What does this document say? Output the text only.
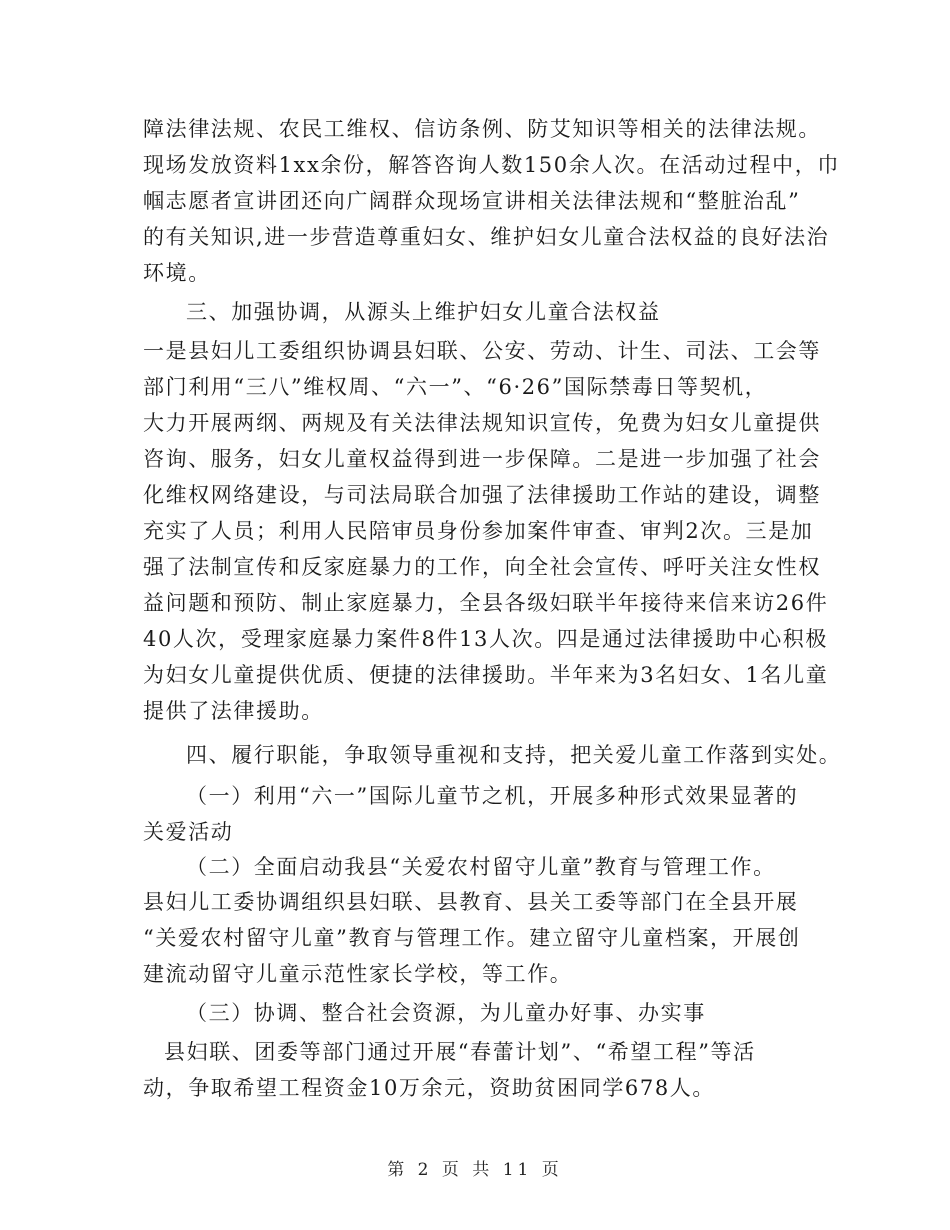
障法律法规、农民工维权、信访条例、防艾知识等相关的法律法规。
现场发放资料1xx余份，解答咨询人数150余人次。在活动过程中，巾
帼志愿者宣讲团还向广阔群众现场宣讲相关法律法规和“整脏治乱”
的有关知识,进一步营造尊重妇女、维护妇女儿童合法权益的良好法治
环境。
三、加强协调，从源头上维护妇女儿童合法权益
一是县妇儿工委组织协调县妇联、公安、劳动、计生、司法、工会等
部门利用“三八”维权周、“六一”、“6·26”国际禁毒日等契机，
大力开展两纲、两规及有关法律法规知识宣传，免费为妇女儿童提供
咨询、服务，妇女儿童权益得到进一步保障。二是进一步加强了社会
化维权网络建设，与司法局联合加强了法律援助工作站的建设，调整
充实了人员；利用人民陪审员身份参加案件审查、审判2次。三是加
强了法制宣传和反家庭暴力的工作，向全社会宣传、呼吁关注女性权
益问题和预防、制止家庭暴力，全县各级妇联半年接待来信来访26件
40人次，受理家庭暴力案件8件13人次。四是通过法律援助中心积极
为妇女儿童提供优质、便捷的法律援助。半年来为3名妇女、1名儿童
提供了法律援助。
四、履行职能，争取领导重视和支持，把关爱儿童工作落到实处。
（一）利用“六一”国际儿童节之机，开展多种形式效果显著的
关爱活动
（二）全面启动我县“关爱农村留守儿童”教育与管理工作。
县妇儿工委协调组织县妇联、县教育、县关工委等部门在全县开展
“关爱农村留守儿童”教育与管理工作。建立留守儿童档案，开展创
建流动留守儿童示范性家长学校，等工作。
（三）协调、整合社会资源，为儿童办好事、办实事
县妇联、团委等部门通过开展“春蕾计划”、“希望工程”等活
动，争取希望工程资金10万余元，资助贫困同学678人。
第 2 页 共 11 页
